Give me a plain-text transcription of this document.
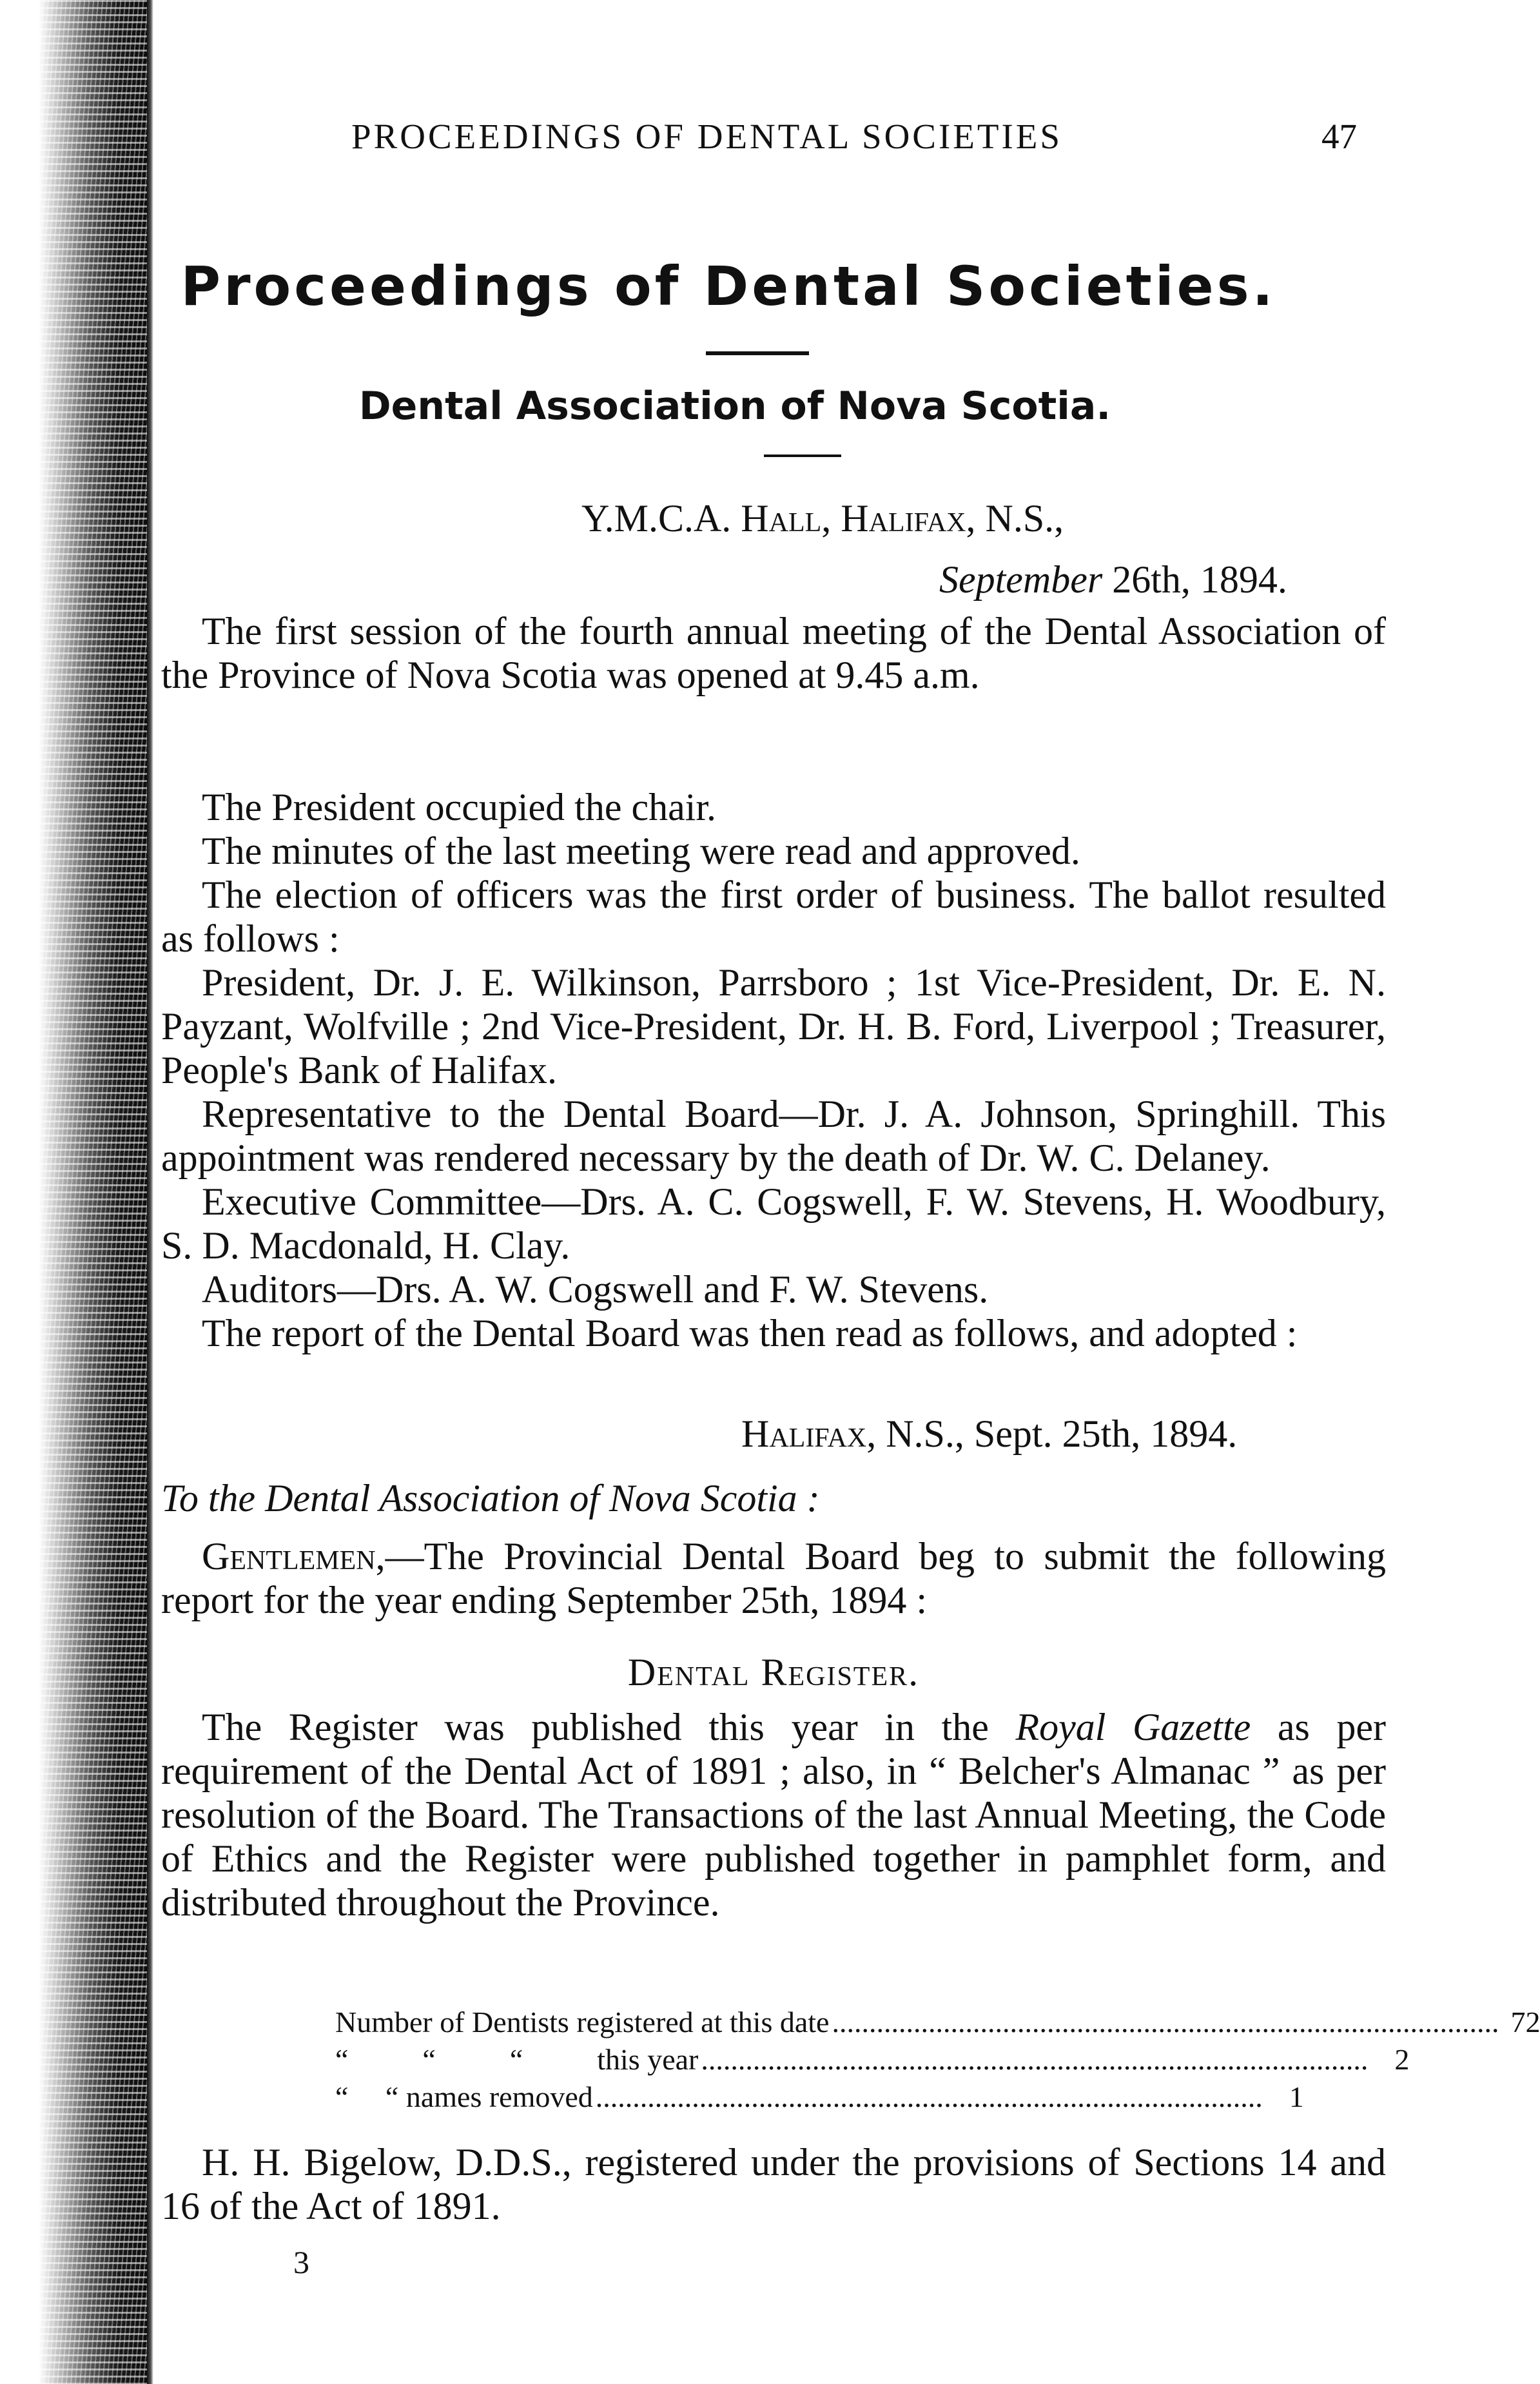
PROCEEDINGS OF DENTAL SOCIETIES	47
Proceedings of Dental Societies.
Dental Association of Nova Scotia.
Y.M.C.A. Hall, Halifax, N.S.,
September 26th, 1894.

The first session of the fourth annual meeting of the Dental Association of the Province of Nova Scotia was opened at 9.45 a.m.

The President occupied the chair.

The minutes of the last meeting were read and approved.

The election of officers was the first order of business. The ballot resulted as follows :

President, Dr. J. E. Wilkinson, Parrsboro ; 1st Vice-President, Dr. E. N. Payzant, Wolfville ; 2nd Vice-President, Dr. H. B. Ford, Liverpool ; Treasurer, People's Bank of Halifax.

Representative to the Dental Board—Dr. J. A. Johnson, Springhill. This appointment was rendered necessary by the death of Dr. W. C. Delaney.

Executive Committee—Drs. A. C. Cogswell, F. W. Stevens, H. Woodbury, S. D. Macdonald, H. Clay.

Auditors—Drs. A. W. Cogswell and F. W. Stevens.

The report of the Dental Board was then read as follows, and adopted :

Halifax, N.S., Sept. 25th, 1894.
To the Dental Association of Nova Scotia :

Gentlemen,—The Provincial Dental Board beg to submit the following report for the year ending September 25th, 1894 :

Dental Register.

The Register was published this year in the Royal Gazette as per requirement of the Dental Act of 1891 ; also, in “ Belcher's Almanac ” as per resolution of the Board. The Transactions of the last Annual Meeting, the Code of Ethics and the Register were published together in pamphlet form, and distributed throughout the Province.

Number of Dentists registered at this date .......................................................................................... 72
“          “          “          this year .......................................................................................... 2
“     “ names removed .......................................................................................... 1

H. H. Bigelow, D.D.S., registered under the provisions of Sections 14 and 16 of the Act of 1891.

3
